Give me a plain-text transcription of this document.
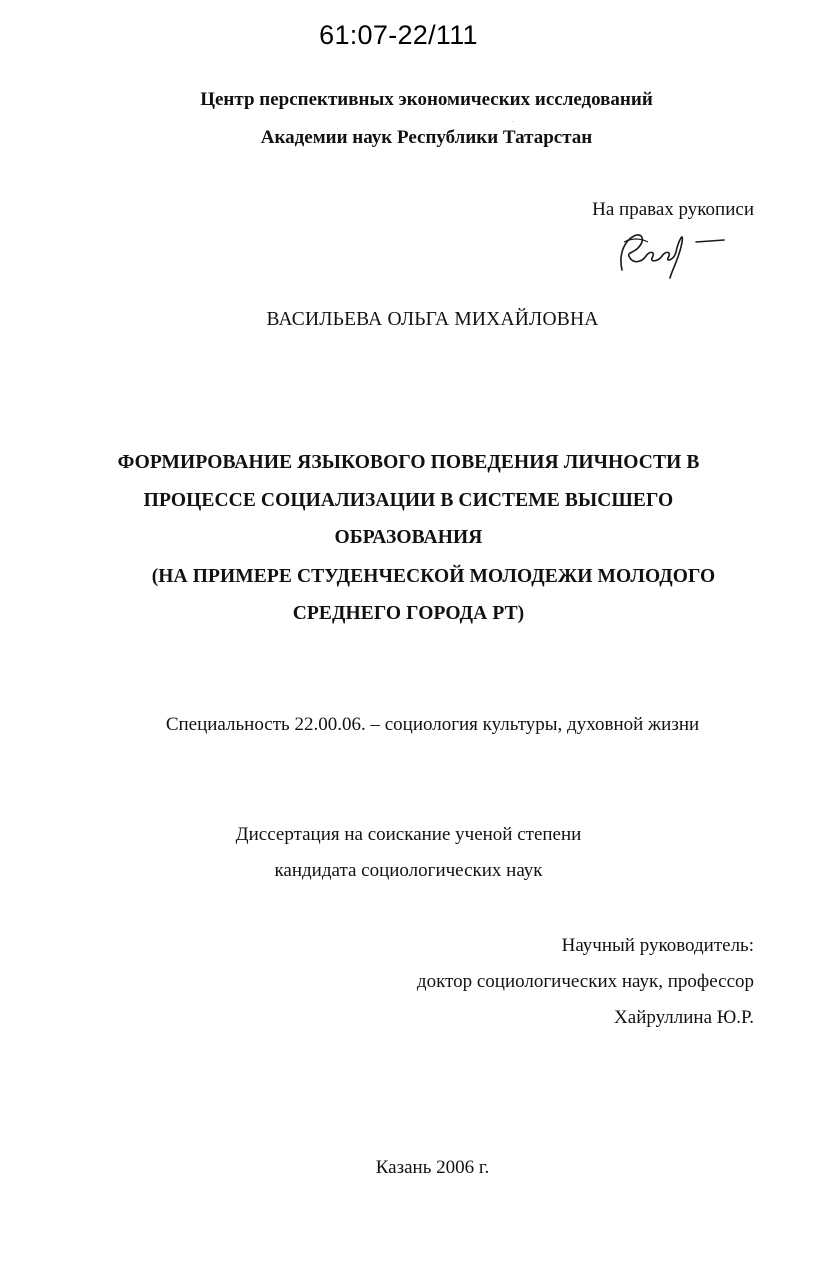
61:07-22/111
Центр перспективных экономических исследований
Академии наук Республики Татарстан
На правах рукописи
Вас/
ВАСИЛЬЕВА ОЛЬГА МИХАЙЛОВНА
ФОРМИРОВАНИЕ ЯЗЫКОВОГО ПОВЕДЕНИЯ ЛИЧНОСТИ В
ПРОЦЕССЕ СОЦИАЛИЗАЦИИ В СИСТЕМЕ ВЫСШЕГО
ОБРАЗОВАНИЯ
(НА ПРИМЕРЕ СТУДЕНЧЕСКОЙ МОЛОДЕЖИ МОЛОДОГО
СРЕДНЕГО ГОРОДА РТ)
Специальность 22.00.06. – социология культуры, духовной жизни
Диссертация на соискание ученой степени
кандидата социологических наук
Научный руководитель:
доктор социологических наук, профессор
Хайруллина Ю.Р.
Казань 2006 г.
